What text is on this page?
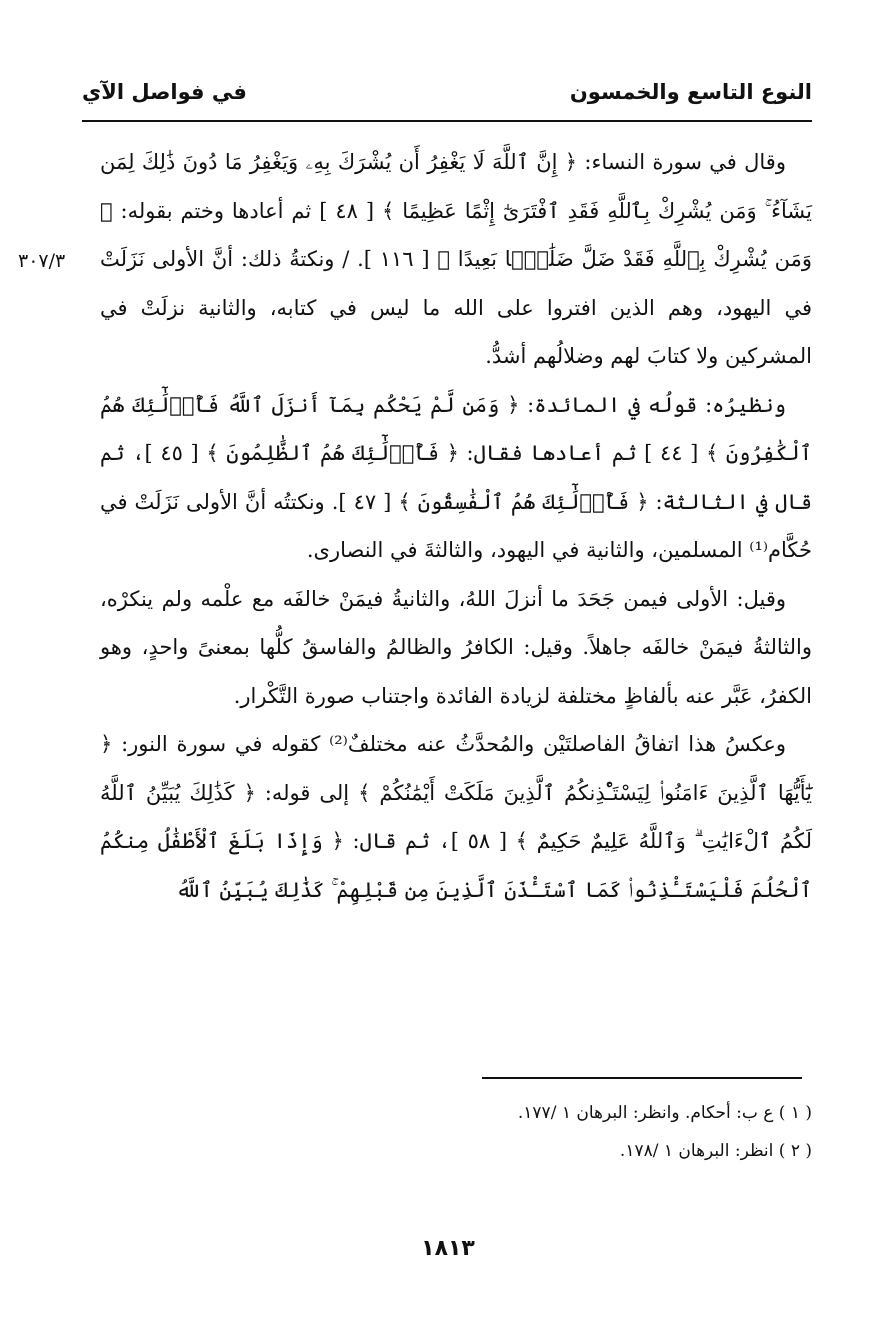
النوع التاسع والخمسون
في فواصل الآي
٣٠٧/٣

وقال في سورة النساء: ﴿ إِنَّ ٱللَّهَ لَا يَغْفِرُ أَن يُشْرَكَ بِهِۦ وَيَغْفِرُ مَا دُونَ ذَٰلِكَ لِمَن يَشَآءُ ۚ وَمَن يُشْرِكْ بِٱللَّهِ فَقَدِ ٱفْتَرَىٰٓ إِثْمًا عَظِيمًا ﴾ [ ٤٨ ] ثم أعادها وختم بقوله: ﴿ وَمَن يُشْرِكْ بِٱللَّهِ فَقَدْ ضَلَّ ضَلَٰلًۢا بَعِيدًا ﴾ [ ١١٦ ]. / ونكتةُ ذلك: أنَّ الأولى نَزَلَتْ في اليهود، وهم الذين افتروا على الله ما ليس في كتابه، والثانية نزلَتْ في المشركين ولا كتابَ لهم وضلالُهم أشدُّ.

ونظيرُه: قولُه في المائدة: ﴿ وَمَن لَّمْ يَحْكُم بِمَآ أَنزَلَ ٱللَّهُ فَأُو۟لَٰٓئِكَ هُمُ ٱلْكَٰفِرُونَ ﴾ [ ٤٤ ] ثم أعادها فقال: ﴿ فَأُو۟لَٰٓئِكَ هُمُ ٱلظَّٰلِمُونَ ﴾ [ ٤٥ ]، ثم قال في الثالثة: ﴿ فَأُو۟لَٰٓئِكَ هُمُ ٱلْفَٰسِقُونَ ﴾ [ ٤٧ ]. ونكتتُه أنَّ الأولى نَزَلَتْ في حُكَّام⁽¹⁾ المسلمين، والثانية في اليهود، والثالثةَ في النصارى.

وقيل: الأولى فيمن جَحَدَ ما أنزلَ اللهُ، والثانيةُ فيمَنْ خالفَه مع علْمه ولم ينكرْه، والثالثةُ فيمَنْ خالفَه جاهلاً. وقيل: الكافرُ والظالمُ والفاسقُ كلُّها بمعنىً واحدٍ، وهو الكفرُ، عَبَّر عنه بألفاظٍ مختلفة لزيادة الفائدة واجتناب صورة التَّكْرار.

وعكسُ هذا اتفاقُ الفاصلتَيْن والمُحدَّثُ عنه مختلفٌ⁽²⁾ كقوله في سورة النور: ﴿ يَٰٓأَيُّهَا ٱلَّذِينَ ءَامَنُوا۟ لِيَسْتَـْٔذِنكُمُ ٱلَّذِينَ مَلَكَتْ أَيْمَٰنُكُمْ ﴾ إلى قوله: ﴿ كَذَٰلِكَ يُبَيِّنُ ٱللَّهُ لَكُمُ ٱلْءَايَٰتِ ۗ وَٱللَّهُ عَلِيمٌ حَكِيمٌ ﴾ [ ٥٨ ]، ثم قال: ﴿ وَإِذَا بَلَغَ ٱلْأَطْفَٰلُ مِنكُمُ ٱلْحُلُمَ فَلْيَسْتَـْٔذِنُوا۟ كَمَا ٱسْتَـْٔذَنَ ٱلَّذِينَ مِن قَبْلِهِمْ ۚ كَذَٰلِكَ يُبَيِّنُ ٱللَّهُ

( ١ ) ع ب: أحكام. وانظر: البرهان ١ /١٧٧.
( ٢ ) انظر: البرهان ١ /١٧٨.
١٨١٣
